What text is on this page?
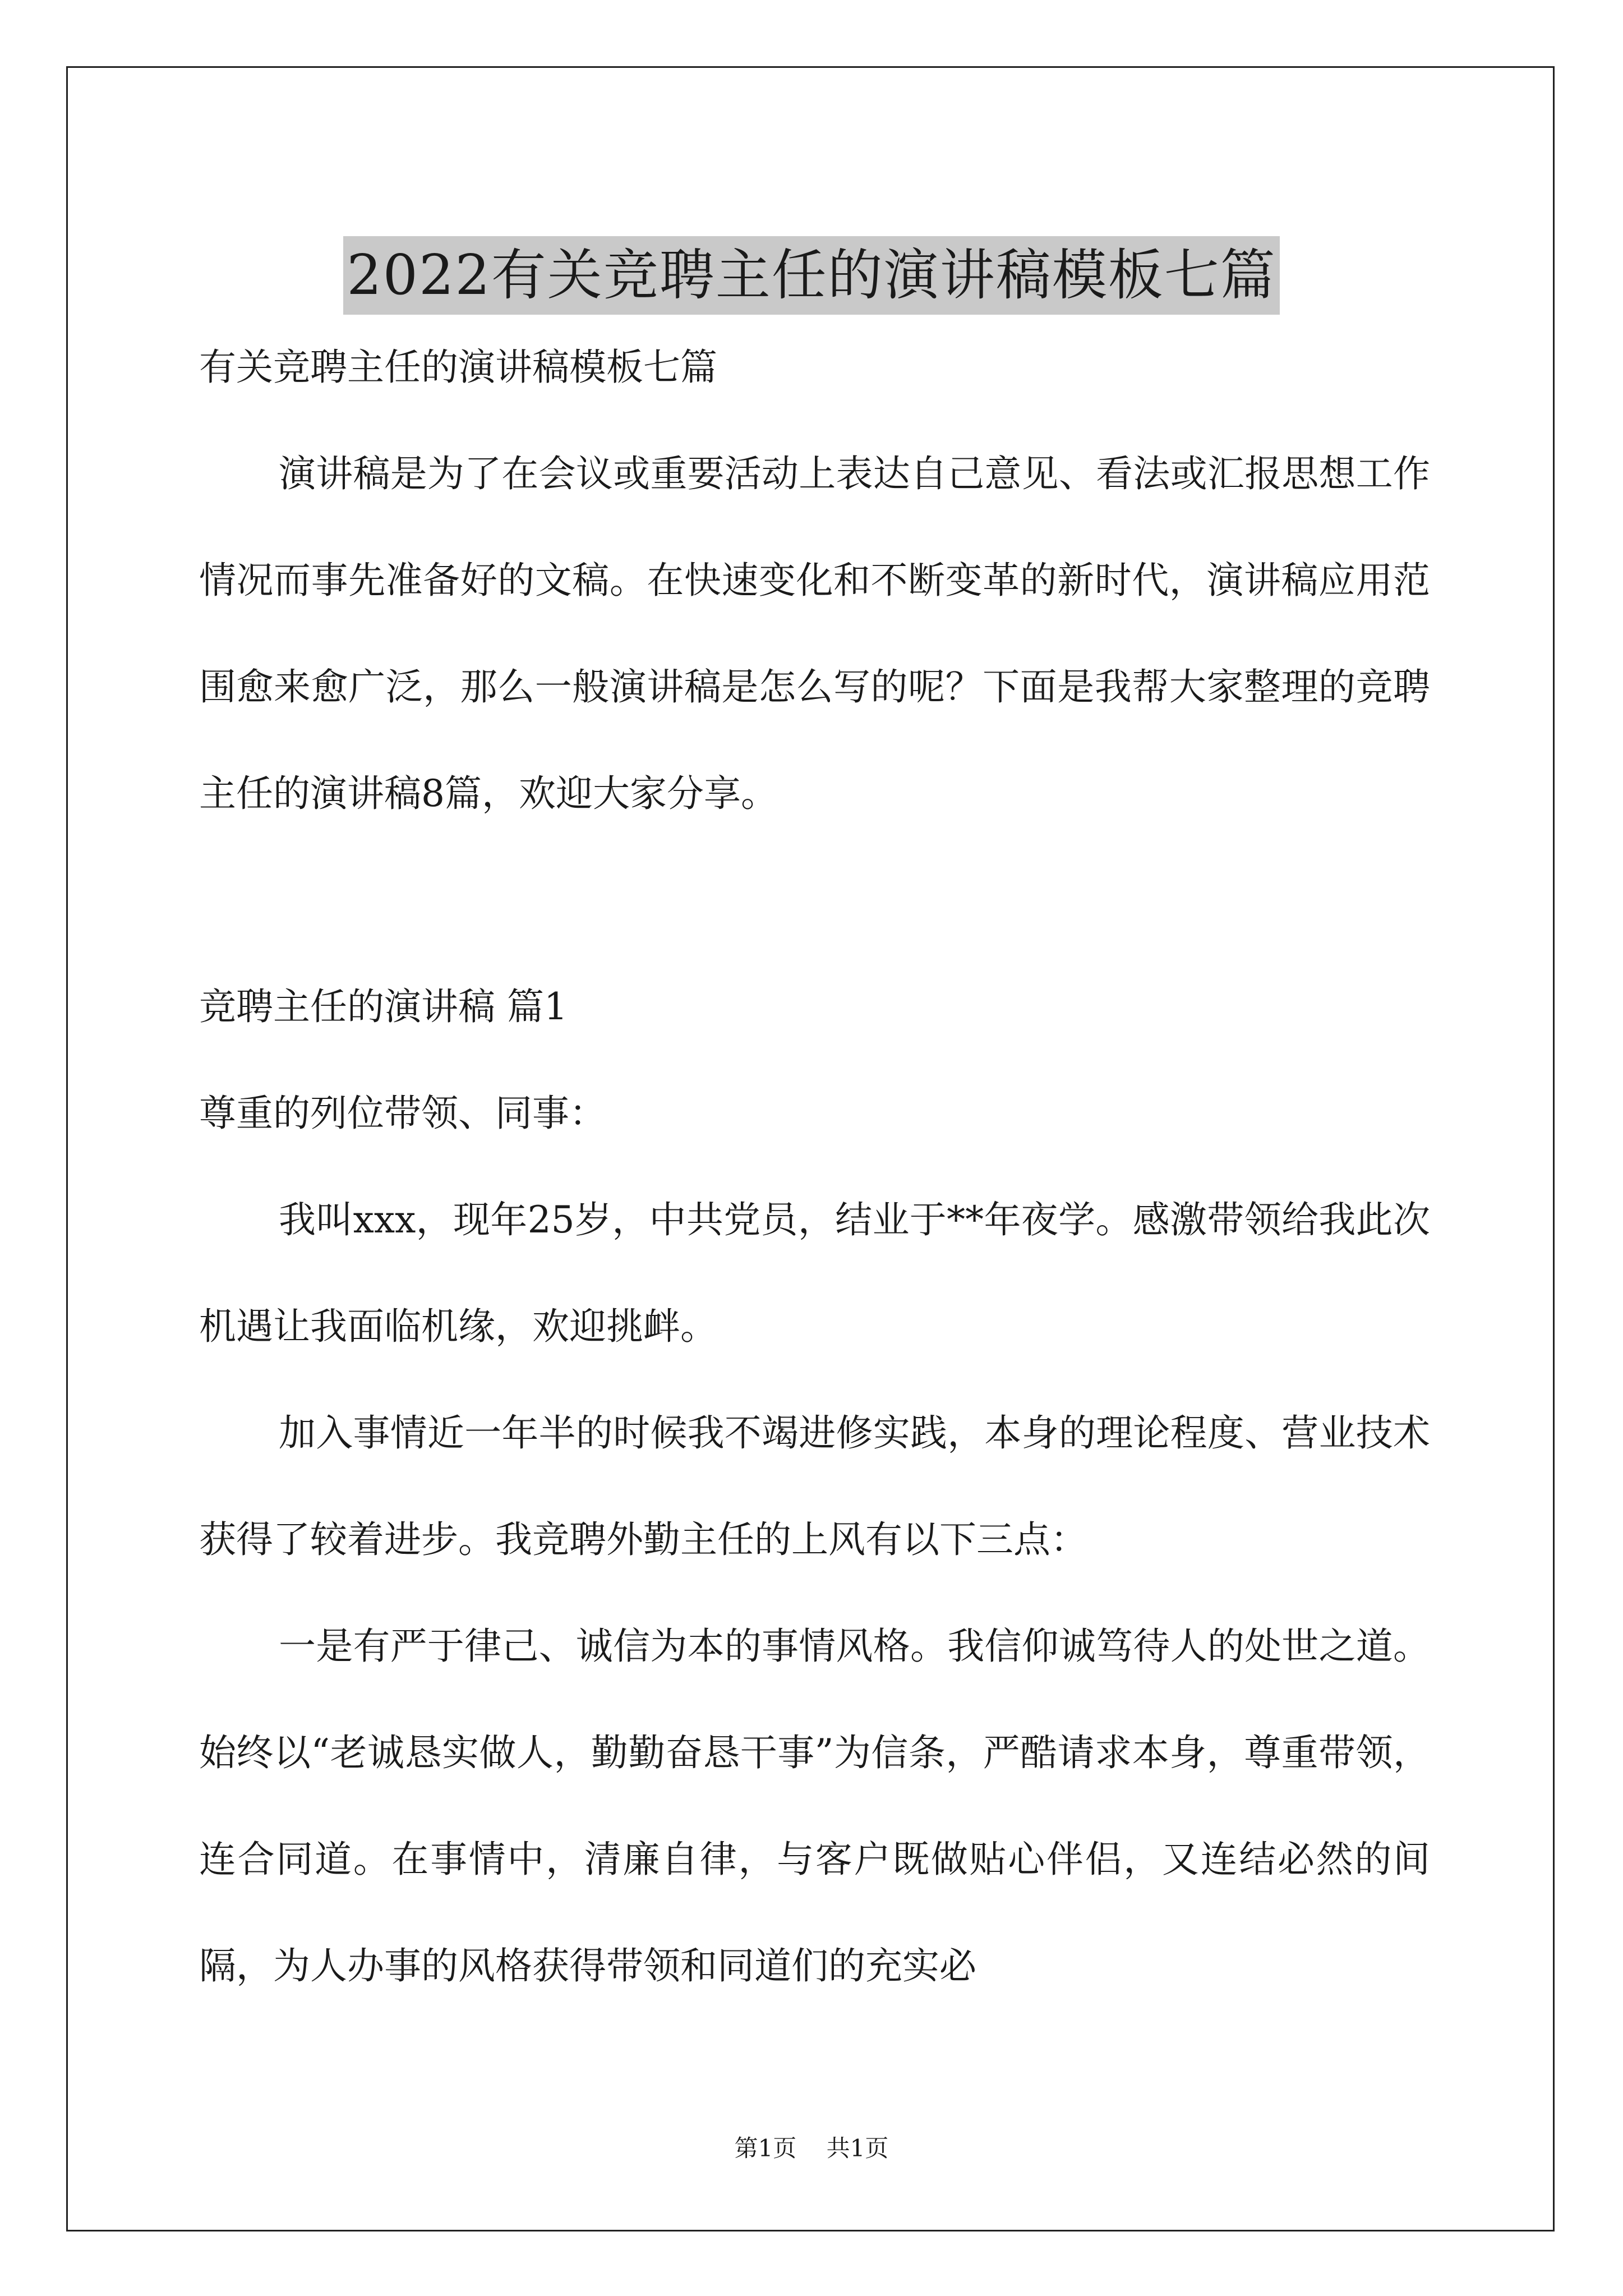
2022有关竞聘主任的演讲稿模板七篇

有关竞聘主任的演讲稿模板七篇

演讲稿是为了在会议或重要活动上表达自己意见、看法或汇报思想工作情况而事先准备好的文稿。在快速变化和不断变革的新时代，演讲稿应用范围愈来愈广泛，那么一般演讲稿是怎么写的呢？下面是我帮大家整理的竞聘主任的演讲稿8篇，欢迎大家分享。

竞聘主任的演讲稿 篇1

尊重的列位带领、同事：

我叫xxx，现年25岁，中共党员，结业于**年夜学。感激带领给我此次机遇让我面临机缘，欢迎挑衅。

加入事情近一年半的时候我不竭进修实践，本身的理论程度、营业技术获得了较着进步。我竞聘外勤主任的上风有以下三点：

一是有严于律己、诚信为本的事情风格。我信仰诚笃待人的处世之道。始终以“老诚恳实做人，勤勤奋恳干事”为信条，严酷请求本身，尊重带领，连合同道。在事情中，清廉自律，与客户既做贴心伴侣，又连结必然的间隔，为人办事的风格获得带领和同道们的充实必

第1页    共1页
